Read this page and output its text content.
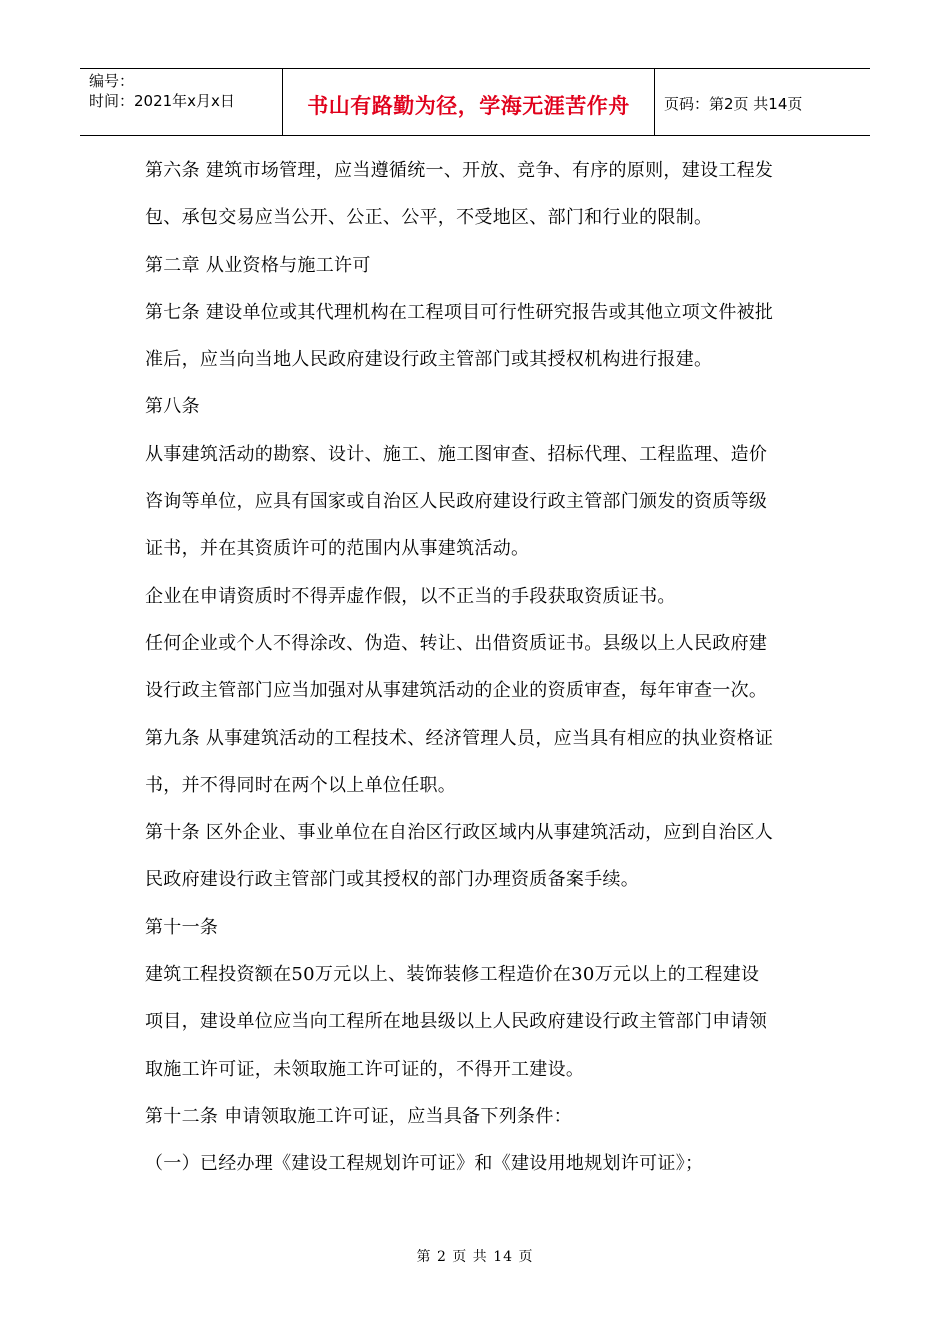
编号：
时间：2021年x月x日	书山有路勤为径，学海无涯苦作舟	页码：第2页 共14页
第六条 建筑市场管理，应当遵循统一、开放、竞争、有序的原则，建设工程发
包、承包交易应当公开、公正、公平，不受地区、部门和行业的限制。
第二章 从业资格与施工许可
第七条 建设单位或其代理机构在工程项目可行性研究报告或其他立项文件被批
准后，应当向当地人民政府建设行政主管部门或其授权机构进行报建。
第八条
从事建筑活动的勘察、设计、施工、施工图审查、招标代理、工程监理、造价
咨询等单位，应具有国家或自治区人民政府建设行政主管部门颁发的资质等级
证书，并在其资质许可的范围内从事建筑活动。
企业在申请资质时不得弄虚作假，以不正当的手段获取资质证书。
任何企业或个人不得涂改、伪造、转让、出借资质证书。县级以上人民政府建
设行政主管部门应当加强对从事建筑活动的企业的资质审查，每年审查一次。
第九条 从事建筑活动的工程技术、经济管理人员，应当具有相应的执业资格证
书，并不得同时在两个以上单位任职。
第十条 区外企业、事业单位在自治区行政区域内从事建筑活动，应到自治区人
民政府建设行政主管部门或其授权的部门办理资质备案手续。
第十一条
建筑工程投资额在50万元以上、装饰装修工程造价在30万元以上的工程建设
项目，建设单位应当向工程所在地县级以上人民政府建设行政主管部门申请领
取施工许可证，未领取施工许可证的，不得开工建设。
第十二条 申请领取施工许可证，应当具备下列条件：
（一）已经办理《建设工程规划许可证》和《建设用地规划许可证》；
第 2 页 共 14 页
